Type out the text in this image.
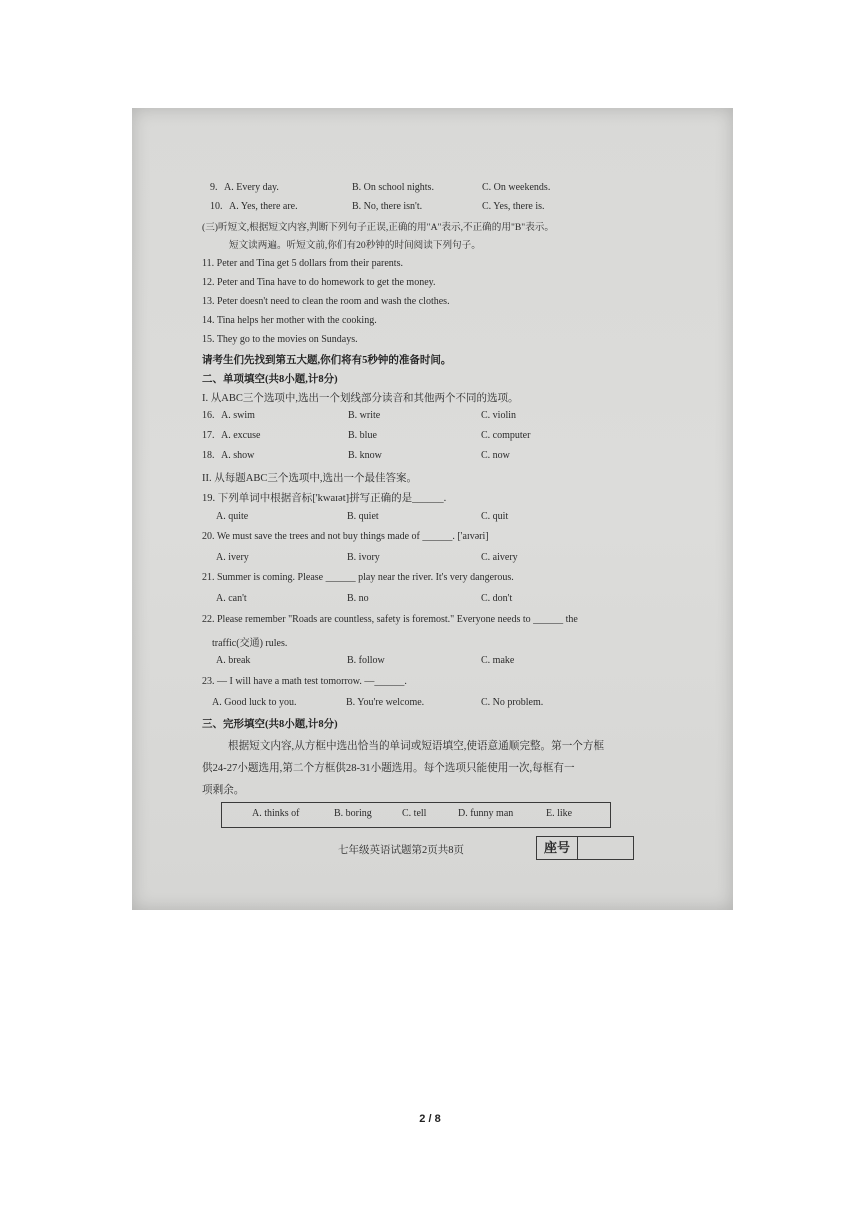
9. A. Every day.	B. On school nights.	C. On weekends.
10. A. Yes, there are.	B. No, there isn't.	C. Yes, there is.
(三)听短文,根据短文内容,判断下列句子正误,正确的用"A"表示,不正确的用"B"表示。
短文读两遍。听短文前,你们有20秒钟的时间阅读下列句子。
11. Peter and Tina get 5 dollars from their parents.
12. Peter and Tina have to do homework to get the money.
13. Peter doesn't need to clean the room and wash the clothes.
14. Tina helps her mother with the cooking.
15. They go to the movies on Sundays.
请考生们先找到第五大题,你们将有5秒钟的准备时间。
二、单项填空(共8小题,计8分)
I. 从ABC三个选项中,选出一个划线部分读音和其他两个不同的选项。
16. A. swim	B. write	C. violin
17. A. excuse	B. blue	C. computer
18. A. show	B. know	C. now
II. 从每题ABC三个选项中,选出一个最佳答案。
19. 下列单词中根据音标['kwaɪət]拼写正确的是______.
A. quite	B. quiet	C. quit
20. We must save the trees and not buy things made of ______. ['aɪvəri]
A. ivery	B. ivory	C. aivery
21. Summer is coming. Please ______ play near the river. It's very dangerous.
A. can't	B. no	C. don't
22. Please remember "Roads are countless, safety is foremost." Everyone needs to ______ the
traffic(交通) rules.
A. break	B. follow	C. make
23. — I will have a math test tomorrow. —______.
A. Good luck to you.	B. You're welcome.	C. No problem.
三、完形填空(共8小题,计8分)
根据短文内容,从方框中选出恰当的单词或短语填空,使语意通顺完整。第一个方框
供24-27小题选用,第二个方框供28-31小题选用。每个选项只能使用一次,每框有一
项剩余。
A. thinks of	B. boring	C. tell	D. funny man	E. like
七年级英语试题第2页共8页	座号
2 / 8
